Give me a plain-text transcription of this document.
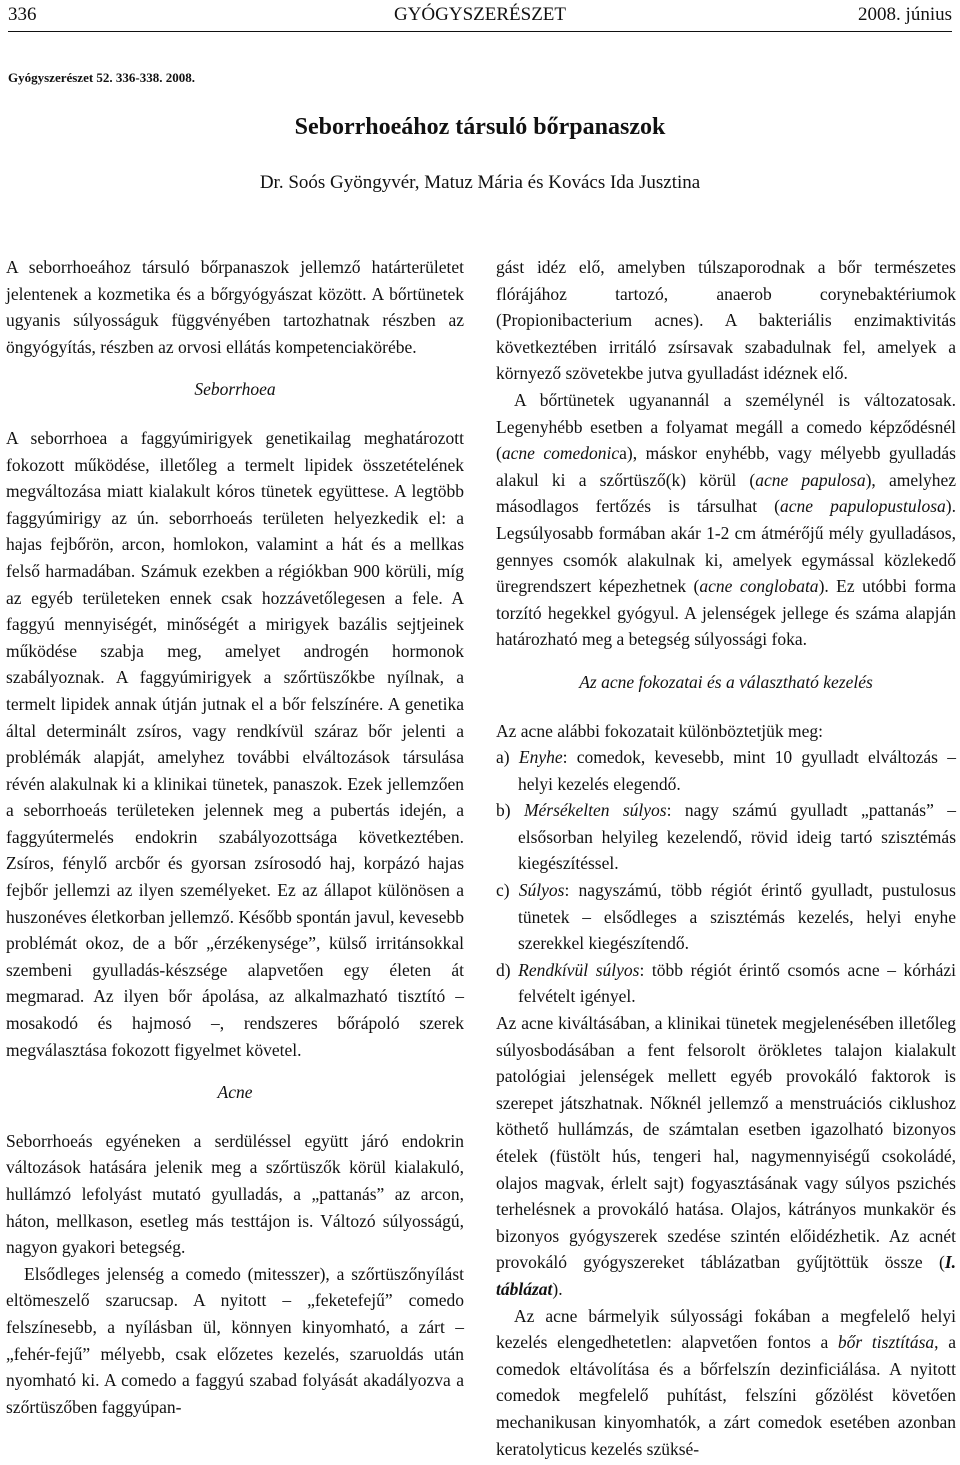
336	GYÓGYSZERÉSZET	2008. június
Gyógyszerészet 52. 336-338. 2008.
Seborrhoeához társuló bőrpanaszok
Dr. Soós Gyöngyvér, Matuz Mária és Kovács Ida Jusztina

A seborrhoeához társuló bőrpanaszok jellemző határterületet jelentenek a kozmetika és a bőrgyógyászat között. A bőrtünetek ugyanis súlyosságuk függvényében tartozhatnak részben az öngyógyítás, részben az orvosi ellátás kompetenciakörébe.

Seborrhoea

A seborrhoea a faggyúmirigyek genetikailag meghatározott fokozott működése, illetőleg a termelt lipidek összetételének megváltozása miatt kialakult kóros tünetek együttese. A legtöbb faggyúmirigy az ún. seborrhoeás területen helyezkedik el: a hajas fejbőrön, arcon, homlokon, valamint a hát és a mellkas felső harmadában. Számuk ezekben a régiókban 900 körüli, míg az egyéb területeken ennek csak hozzávetőlegesen a fele. A faggyú mennyiségét, minőségét a mirigyek bazális sejtjeinek működése szabja meg, amelyet androgén hormonok szabályoznak. A faggyúmirigyek a szőrtüszőkbe nyílnak, a termelt lipidek annak útján jutnak el a bőr felszínére. A genetika által determinált zsíros, vagy rendkívül száraz bőr jelenti a problémák alapját, amelyhez további elváltozások társulása révén alakulnak ki a klinikai tünetek, panaszok. Ezek jellemzően a seborrhoeás területeken jelennek meg a pubertás idején, a faggyútermelés endokrin szabályozottsága következtében. Zsíros, fénylő arcbőr és gyorsan zsírosodó haj, korpázó hajas fejbőr jellemzi az ilyen személyeket. Ez az állapot különösen a huszonéves életkorban jellemző. Később spontán javul, kevesebb problémát okoz, de a bőr „érzékenysége”, külső irritánsokkal szembeni gyulladás-készsége alapvetően egy életen át megmarad. Az ilyen bőr ápolása, az alkalmazható tisztító – mosakodó és hajmosó –, rendszeres bőrápoló szerek megválasztása fokozott figyelmet követel.

Acne

Seborrhoeás egyéneken a serdüléssel együtt járó endokrin változások hatására jelenik meg a szőrtüszők körül kialakuló, hullámzó lefolyást mutató gyulladás, a „pattanás” az arcon, háton, mellkason, esetleg más testtájon is. Változó súlyosságú, nagyon gyakori betegség.

Elsődleges jelenség a comedo (mitesszer), a szőrtüszőnyílást eltömeszelő szarucsap. A nyitott – „feketefejű” comedo felszínesebb, a nyílásban ül, könnyen kinyomható, a zárt – „fehér-fejű” mélyebb, csak előzetes kezelés, szaruoldás után nyomható ki. A comedo a faggyú szabad folyását akadályozva a szőrtüszőben faggyúpan-

gást idéz elő, amelyben túlszaporodnak a bőr természetes flórájához tartozó, anaerob corynebaktériumok (Propionibacterium acnes). A bakteriális enzimaktivitás következtében irritáló zsírsavak szabadulnak fel, amelyek a környező szövetekbe jutva gyulladást idéznek elő.

A bőrtünetek ugyanannál a személynél is változatosak. Legenyhébb esetben a folyamat megáll a comedo képződésnél (acne comedonica), máskor enyhébb, vagy mélyebb gyulladás alakul ki a szőrtüsző(k) körül (acne papulosa), amelyhez másodlagos fertőzés is társulhat (acne papulopustulosa). Legsúlyosabb formában akár 1-2 cm átmérőjű mély gyulladásos, gennyes csomók alakulnak ki, amelyek egymással közlekedő üregrendszert képezhetnek (acne conglobata). Ez utóbbi forma torzító hegekkel gyógyul. A jelenségek jellege és száma alapján határozható meg a betegség súlyossági foka.

Az acne fokozatai és a választható kezelés

Az acne alábbi fokozatait különböztetjük meg:

a) Enyhe: comedok, kevesebb, mint 10 gyulladt elváltozás – helyi kezelés elegendő.
b) Mérsékelten súlyos: nagy számú gyulladt „pattanás” – elsősorban helyileg kezelendő, rövid ideig tartó szisztémás kiegészítéssel.
c) Súlyos: nagyszámú, több régiót érintő gyulladt, pustulosus tünetek – elsődleges a szisztémás kezelés, helyi enyhe szerekkel kiegészítendő.
d) Rendkívül súlyos: több régiót érintő csomós acne – kórházi felvételt igényel.

Az acne kiváltásában, a klinikai tünetek megjelenésében illetőleg súlyosbodásában a fent felsorolt örökletes talajon kialakult patológiai jelenségek mellett egyéb provokáló faktorok is szerepet játszhatnak. Nőknél jellemző a menstruációs ciklushoz köthető hullámzás, de számtalan esetben igazolható bizonyos ételek (füstölt hús, tengeri hal, nagymennyiségű csokoládé, olajos magvak, érlelt sajt) fogyasztásának vagy súlyos pszichés terhelésnek a provokáló hatása. Olajos, kátrányos munkakör és bizonyos gyógyszerek szedése szintén előidézhetik. Az acnét provokáló gyógyszereket táblázatban gyűjtöttük össze (I. táblázat).

Az acne bármelyik súlyossági fokában a megfelelő helyi kezelés elengedhetetlen: alapvetően fontos a bőr tisztítása, a comedok eltávolítása és a bőrfelszín dezinficiálása. A nyitott comedok megfelelő puhítást, felszíni gőzölést követően mechanikusan kinyomhatók, a zárt comedok esetében azonban keratolyticus kezelés szüksé-
